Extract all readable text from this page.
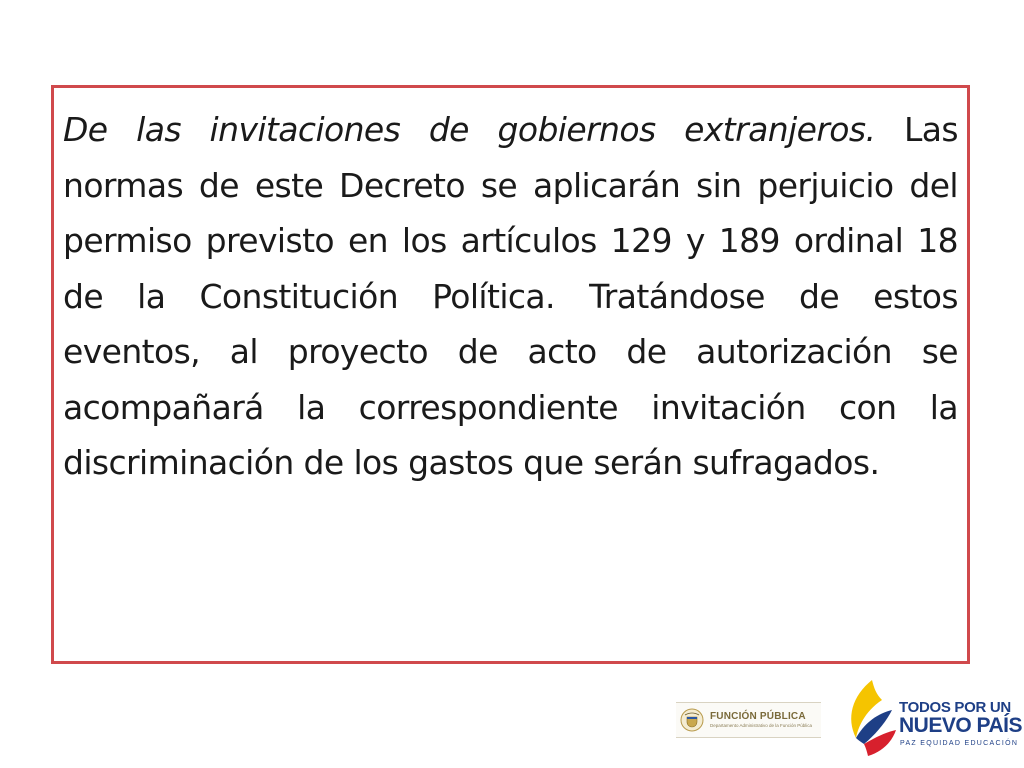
De las invitaciones de gobiernos extranjeros. Las normas de este Decreto se aplicarán sin perjuicio del permiso previsto en los artículos 129 y 189 ordinal 18 de la Constitución Política. Tratándose de estos eventos, al proyecto de acto de autorización se acompañará la correspondiente invitación con la discriminación de los gastos que serán sufragados.

FUNCIÓN PÚBLICA
Departamento Administrativo de la Función Pública
TODOS POR UN
NUEVO PAÍS
PAZ EQUIDAD EDUCACIÓN
